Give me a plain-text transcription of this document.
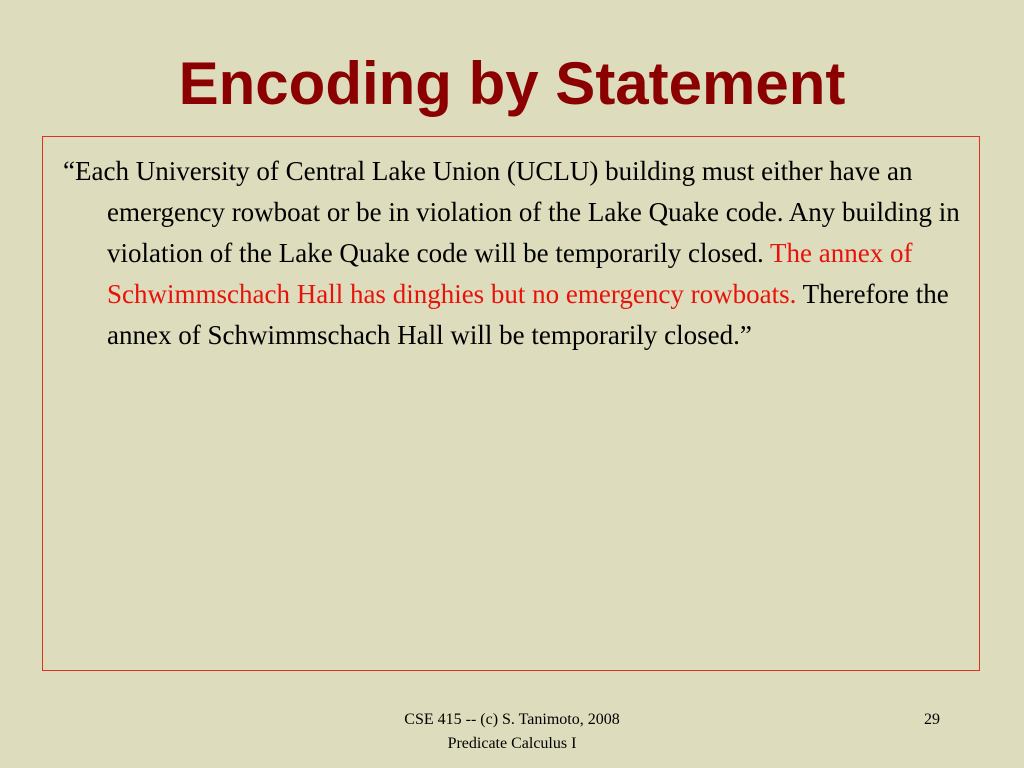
Encoding by Statement

“Each University of Central Lake Union (UCLU) building must either have an emergency rowboat or be in violation of the Lake Quake code. Any building in violation of the Lake Quake code will be temporarily closed. The annex of Schwimmschach Hall has dinghies but no emergency rowboats. Therefore the annex of Schwimmschach Hall will be temporarily closed.”

CSE 415 -- (c) S. Tanimoto, 2008
Predicate Calculus I
29
